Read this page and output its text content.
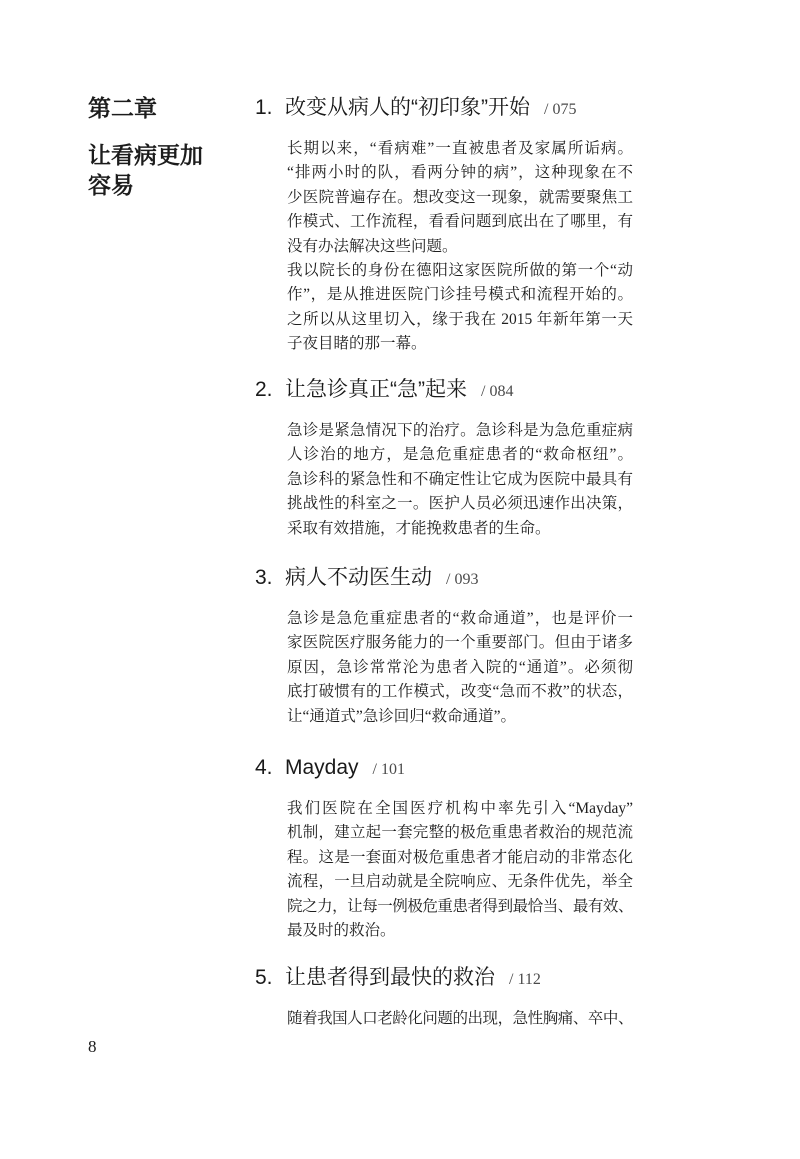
第二章
让看病更加
容易
1. 改变从病人的“初印象”开始 / 075
长期以来，“看病难”一直被患者及家属所诟病。
“排两小时的队，看两分钟的病”，这种现象在不
少医院普遍存在。想改变这一现象，就需要聚焦工
作模式、工作流程，看看问题到底出在了哪里，有
没有办法解决这些问题。
我以院长的身份在德阳这家医院所做的第一个“动
作”，是从推进医院门诊挂号模式和流程开始的。
之所以从这里切入，缘于我在 2015 年新年第一天
子夜目睹的那一幕。
2. 让急诊真正“急”起来 / 084
急诊是紧急情况下的治疗。急诊科是为急危重症病
人诊治的地方，是急危重症患者的“救命枢纽”。
急诊科的紧急性和不确定性让它成为医院中最具有
挑战性的科室之一。医护人员必须迅速作出决策，
采取有效措施，才能挽救患者的生命。
3. 病人不动医生动 / 093
急诊是急危重症患者的“救命通道”，也是评价一
家医院医疗服务能力的一个重要部门。但由于诸多
原因，急诊常常沦为患者入院的“通道”。必须彻
底打破惯有的工作模式，改变“急而不救”的状态，
让“通道式”急诊回归“救命通道”。
4. Mayday / 101
我们医院在全国医疗机构中率先引入“Mayday”
机制，建立起一套完整的极危重患者救治的规范流
程。这是一套面对极危重患者才能启动的非常态化
流程，一旦启动就是全院响应、无条件优先，举全
院之力，让每一例极危重患者得到最恰当、最有效、
最及时的救治。
5. 让患者得到最快的救治 / 112
随着我国人口老龄化问题的出现，急性胸痛、卒中、
8
